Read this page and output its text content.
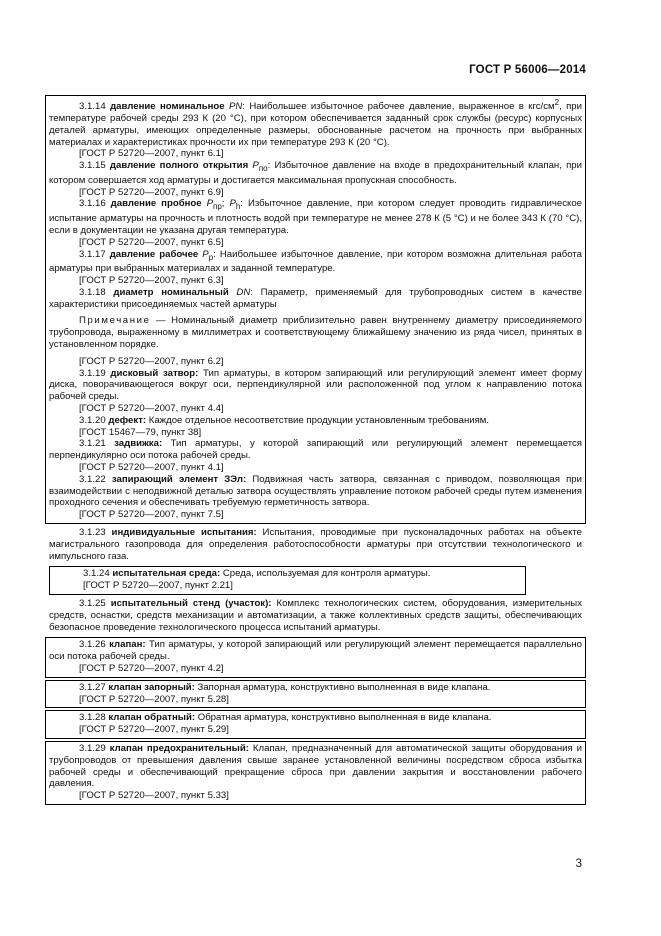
ГОСТ Р 56006—2014

3.1.14 давление номинальное PN: Наибольшее избыточное рабочее давление, выраженное в кгс/$см^2$, при температуре рабочей среды 293 К (20 °С), при котором обеспечивается заданный срок службы (ресурс) корпусных деталей арматуры, имеющих определенные размеры, обоснованные расчетом на прочность при выбранных материалах и характеристиках прочности их при температуре 293 К (20 °С).

[ГОСТ Р 52720—2007, пункт 6.1]

3.1.15 давление полного открытия $P_{по}$: Избыточное давление на входе в предохранительный клапан, при котором совершается ход арматуры и достигается максимальная пропускная способность.

[ГОСТ Р 52720—2007, пункт 6.9]

3.1.16 давление пробное $P_{пр}$; $P_h$: Избыточное давление, при котором следует проводить гидравлическое испытание арматуры на прочность и плотность водой при температуре не менее 278 К (5 °С) и не более 343 К (70 °С), если в документации не указана другая температура.

[ГОСТ Р 52720—2007, пункт 6.5]

3.1.17 давление рабочее $P_p$: Наибольшее избыточное давление, при котором возможна длительная работа арматуры при выбранных материалах и заданной температуре.

[ГОСТ Р 52720—2007, пункт 6.3]

3.1.18 диаметр номинальный DN: Параметр, применяемый для трубопроводных систем в качестве характеристики присоединяемых частей арматуры

Примечание — Номинальный диаметр приблизительно равен внутреннему диаметру присоединяемого трубопровода, выраженному в миллиметрах и соответствующему ближайшему значению из ряда чисел, принятых в установленном порядке.

[ГОСТ Р 52720—2007, пункт 6.2]

3.1.19 дисковый затвор: Тип арматуры, в котором запирающий или регулирующий элемент имеет форму диска, поворачивающегося вокруг оси, перпендикулярной или расположенной под углом к направлению потока рабочей среды.

[ГОСТ Р 52720—2007, пункт 4.4]

3.1.20 дефект: Каждое отдельное несоответствие продукции установленным требованиям.

[ГОСТ 15467—79, пункт 38]

3.1.21 задвижка: Тип арматуры, у которой запирающий или регулирующий элемент перемещается перпендикулярно оси потока рабочей среды.

[ГОСТ Р 52720—2007, пункт 4.1]

3.1.22 запирающий элемент ЗЭл: Подвижная часть затвора, связанная с приводом, позволяющая при взаимодействии с неподвижной деталью затвора осуществлять управление потоком рабочей среды путем изменения проходного сечения и обеспечивать требуемую герметичность затвора.

[ГОСТ Р 52720—2007, пункт 7.5]

3.1.23 индивидуальные испытания: Испытания, проводимые при пусконаладочных работах на объекте магистрального газопровода для определения работоспособности арматуры при отсутствии технологического и импульсного газа.

3.1.24 испытательная среда: Среда, используемая для контроля арматуры.

[ГОСТ Р 52720—2007, пункт 2.21]

3.1.25 испытательный стенд (участок): Комплекс технологических систем, оборудования, измерительных средств, оснастки, средств механизации и автоматизации, а также коллективных средств защиты, обеспечивающих безопасное проведение технологического процесса испытаний арматуры.

3.1.26 клапан: Тип арматуры, у которой запирающий или регулирующий элемент перемещается параллельно оси потока рабочей среды.

[ГОСТ Р 52720—2007, пункт 4.2]

3.1.27 клапан запорный: Запорная арматура, конструктивно выполненная в виде клапана.

[ГОСТ Р 52720—2007, пункт 5.28]

3.1.28 клапан обратный: Обратная арматура, конструктивно выполненная в виде клапана.

[ГОСТ Р 52720—2007, пункт 5.29]

3.1.29 клапан предохранительный: Клапан, предназначенный для автоматической защиты оборудования и трубопроводов от превышения давления свыше заранее установленной величины посредством сброса избытка рабочей среды и обеспечивающий прекращение сброса при давлении закрытия и восстановлении рабочего давления.

[ГОСТ Р 52720—2007, пункт 5.33]

3
